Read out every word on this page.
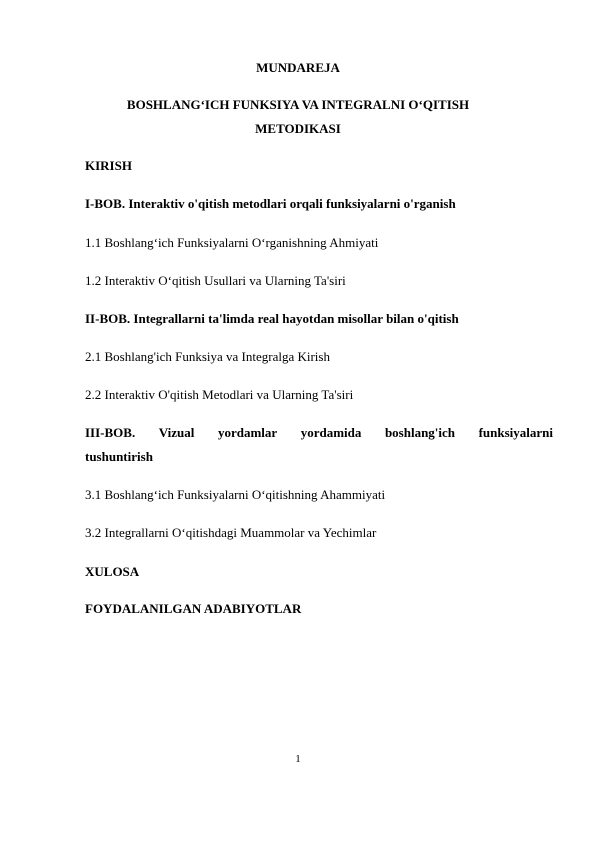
MUNDAREJA
BOSHLANG‘ICH FUNKSIYA VA INTEGRALNI O‘QITISH
METODIKASI
KIRISH
I-BOB. Interaktiv o'qitish metodlari orqali funksiyalarni o'rganish
1.1 Boshlang‘ich Funksiyalarni O‘rganishning Ahmiyati
1.2 Interaktiv O‘qitish Usullari va Ularning Ta'siri
II-BOB. Integrallarni ta'limda real hayotdan misollar bilan o'qitish
2.1 Boshlang'ich Funksiya va Integralga Kirish
2.2 Interaktiv O'qitish Metodlari va Ularning Ta'siri
III-BOB. Vizual yordamlar yordamida boshlang'ich funksiyalarni
tushuntirish
3.1 Boshlang‘ich Funksiyalarni O‘qitishning Ahammiyati
3.2 Integrallarni O‘qitishdagi Muammolar va Yechimlar
XULOSA
FOYDALANILGAN ADABIYOTLAR
1
